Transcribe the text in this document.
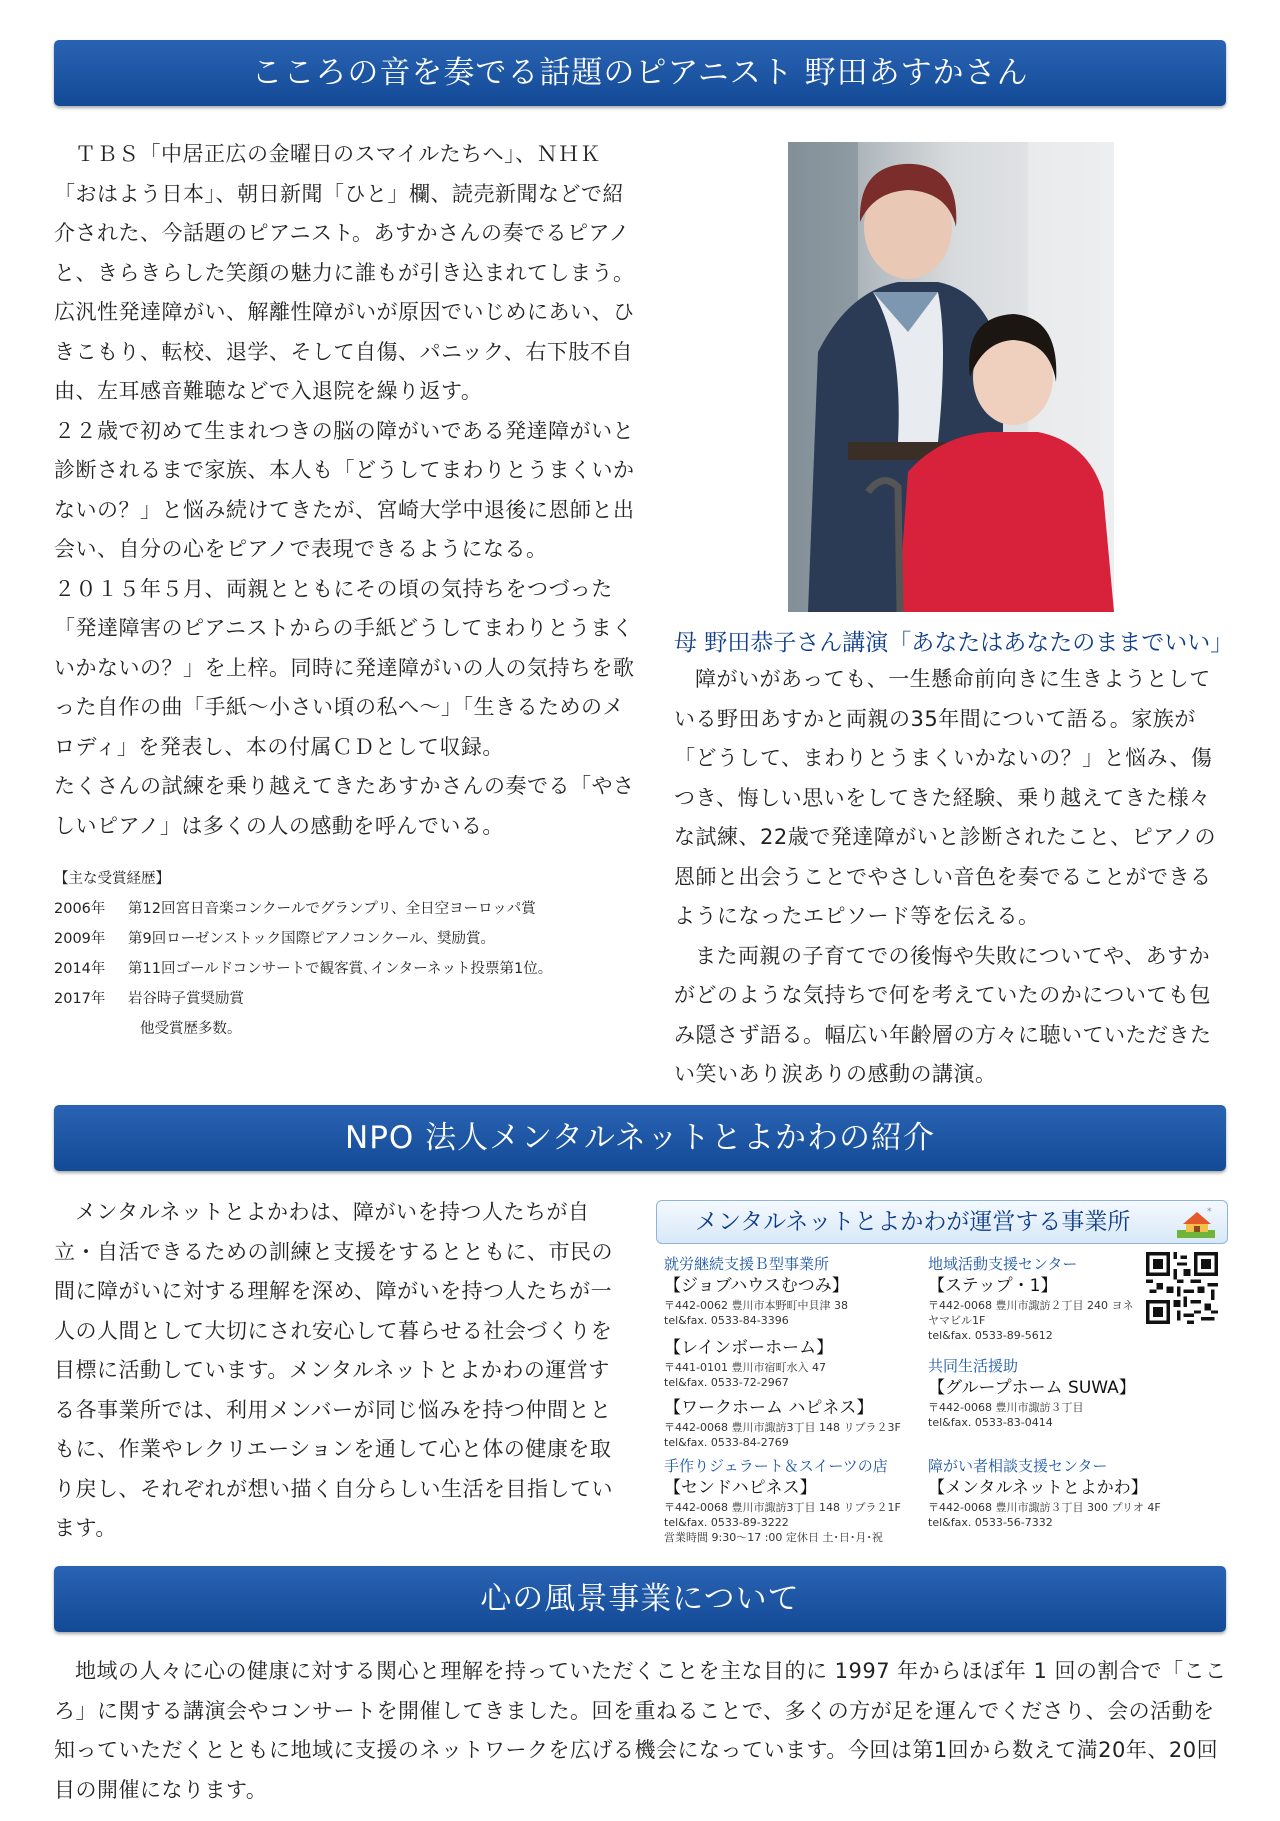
こころの音を奏でる話題のピアニスト 野田あすかさん

ＴＢＳ「中居正広の金曜日のスマイルたちへ」、ＮＨＫ「おはよう日本」、朝日新聞「ひと」欄、読売新聞などで紹介された、今話題のピアニスト。あすかさんの奏でるピアノと、きらきらした笑顔の魅力に誰もが引き込まれてしまう。広汎性発達障がい、解離性障がいが原因でいじめにあい、ひきこもり、転校、退学、そして自傷、パニック、右下肢不自由、左耳感音難聴などで入退院を繰り返す。

２２歳で初めて生まれつきの脳の障がいである発達障がいと診断されるまで家族、本人も「どうしてまわりとうまくいかないの？」と悩み続けてきたが、宮崎大学中退後に恩師と出会い、自分の心をピアノで表現できるようになる。

２０１５年５月、両親とともにその頃の気持ちをつづった「発達障害のピアニストからの手紙どうしてまわりとうまくいかないの？」を上梓。同時に発達障がいの人の気持ちを歌った自作の曲「手紙～小さい頃の私へ～」「生きるためのメロディ」を発表し、本の付属ＣＤとして収録。

たくさんの試練を乗り越えてきたあすかさんの奏でる「やさしいピアノ」は多くの人の感動を呼んでいる。

【主な受賞経歴】
2006年	第12回宮日音楽コンクールでグランプリ、全日空ヨーロッパ賞
2009年	第9回ローゼンストック国際ピアノコンクール、奨励賞。
2014年	第11回ゴールドコンサートで観客賞､インターネット投票第1位。
2017年	岩谷時子賞奨励賞
他受賞歴多数。
母 野田恭子さん講演「あなたはあなたのままでいい」

障がいがあっても、一生懸命前向きに生きようとしている野田あすかと両親の35年間について語る。家族が「どうして、まわりとうまくいかないの？」と悩み、傷つき、悔しい思いをしてきた経験、乗り越えてきた様々な試練、22歳で発達障がいと診断されたこと、ピアノの恩師と出会うことでやさしい音色を奏でることができるようになったエピソード等を伝える。

また両親の子育てでの後悔や失敗についてや、あすかがどのような気持ちで何を考えていたのかについても包み隠さず語る。幅広い年齢層の方々に聴いていただきたい笑いあり涙ありの感動の講演。

NPO 法人メンタルネットとよかわの紹介

メンタルネットとよかわは、障がいを持つ人たちが自立・自活できるための訓練と支援をするとともに、市民の間に障がいに対する理解を深め、障がいを持つ人たちが一人の人間として大切にされ安心して暮らせる社会づくりを目標に活動しています。メンタルネットとよかわの運営する各事業所では、利用メンバーが同じ悩みを持つ仲間とともに、作業やレクリエーションを通して心と体の健康を取り戻し、それぞれが想い描く自分らしい生活を目指しています。

メンタルネットとよかわが運営する事業所	*
就労継続支援Ｂ型事業所
【ジョブハウスむつみ】
〒442-0062 豊川市本野町中貝津 38
tel&fax. 0533-84-3396
【レインボーホーム】
〒441-0101 豊川市宿町水入 47
tel&fax. 0533-72-2967
【ワークホーム ハピネス】
〒442-0068 豊川市諏訪3丁目 148 リブラ２3F
tel&fax. 0533-84-2769
手作りジェラート＆スイーツの店
【センドハピネス】
〒442-0068 豊川市諏訪3丁目 148 リブラ２1F
tel&fax. 0533-89-3222
営業時間 9:30～17 :00 定休日 土･日･月･祝
地域活動支援センター
【ステップ・1】
〒442-0068 豊川市諏訪２丁目 240 ヨネヤマビル1F
tel&fax. 0533-89-5612
共同生活援助
【グループホーム SUWA】
〒442-0068 豊川市諏訪３丁目
tel&fax. 0533-83-0414
障がい者相談支援センター
【メンタルネットとよかわ】
〒442-0068 豊川市諏訪３丁目 300 プリオ 4F
tel&fax. 0533-56-7332
心の風景事業について

地域の人々に心の健康に対する関心と理解を持っていただくことを主な目的に 1997 年からほぼ年 1 回の割合で「こころ」に関する講演会やコンサートを開催してきました。回を重ねることで、多くの方が足を運んでくださり、会の活動を知っていただくとともに地域に支援のネットワークを広げる機会になっています。今回は第1回から数えて満20年、20回目の開催になります。
